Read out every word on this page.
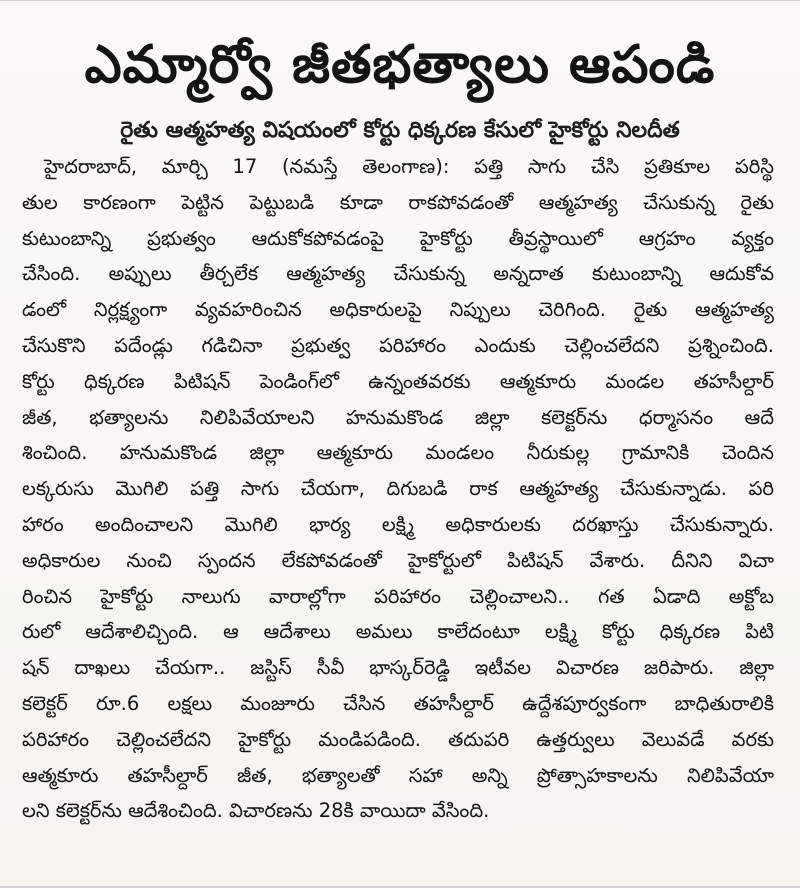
ఎమ్మార్వో జీతభత్యాలు ఆపండి
రైతు ఆత్మహత్య విషయంలో కోర్టు ధిక్కరణ కేసులో హైకోర్టు నిలదీత
హైదరాబాద్, మార్చి 17 (నమస్తే తెలంగాణ): పత్తి సాగు చేసి ప్రతికూల పరిస్థి
తుల కారణంగా పెట్టిన పెట్టుబడి కూడా రాకపోవడంతో ఆత్మహత్య చేసుకున్న రైతు
కుటుంబాన్ని ప్రభుత్వం ఆదుకోకపోవడంపై హైకోర్టు తీవ్రస్థాయిలో ఆగ్రహం వ్యక్తం
చేసింది. అప్పులు తీర్చలేక ఆత్మహత్య చేసుకున్న అన్నదాత కుటుంబాన్ని ఆదుకోవ
డంలో నిర్లక్ష్యంగా వ్యవహరించిన అధికారులపై నిప్పులు చెరిగింది. రైతు ఆత్మహత్య
చేసుకొని పదేండ్లు గడిచినా ప్రభుత్వ పరిహారం ఎందుకు చెల్లించలేదని ప్రశ్నించింది.
కోర్టు ధిక్కరణ పిటిషన్ పెండింగ్‌లో ఉన్నంతవరకు ఆత్మకూరు మండల తహసీల్దార్
జీత, భత్యాలను నిలిపివేయాలని హనుమకొండ జిల్లా కలెక్టర్‌ను ధర్మాసనం ఆదే
శించింది. హనుమకొండ జిల్లా ఆత్మకూరు మండలం నీరుకుల్ల గ్రామానికి చెందిన
లక్కరుసు మొగిలి పత్తి సాగు చేయగా, దిగుబడి రాక ఆత్మహత్య చేసుకున్నాడు. పరి
హారం అందించాలని మొగిలి భార్య లక్ష్మి అధికారులకు దరఖాస్తు చేసుకున్నారు.
అధికారుల నుంచి స్పందన లేకపోవడంతో హైకోర్టులో పిటిషన్ వేశారు. దీనిని విచా
రించిన హైకోర్టు నాలుగు వారాల్లోగా పరిహారం చెల్లించాలని.. గత ఏడాది అక్టోబ
రులో ఆదేశాలిచ్చింది. ఆ ఆదేశాలు అమలు కాలేదంటూ లక్ష్మి కోర్టు ధిక్కరణ పిటి
షన్ దాఖలు చేయగా.. జస్టిస్ సీవీ భాస్కర్‌రెడ్డి ఇటీవల విచారణ జరిపారు. జిల్లా
కలెక్టర్ రూ.6 లక్షలు మంజూరు చేసిన తహసీల్దార్ ఉద్దేశపూర్వకంగా బాధితురాలికి
పరిహారం చెల్లించలేదని హైకోర్టు మండిపడింది. తదుపరి ఉత్తర్వులు వెలువడే వరకు
ఆత్మకూరు తహసీల్దార్ జీత, భత్యాలతో సహా అన్ని ప్రోత్సాహకాలను నిలిపివేయా
లని కలెక్టర్‌ను ఆదేశించింది. విచారణను 28కి వాయిదా వేసింది.
